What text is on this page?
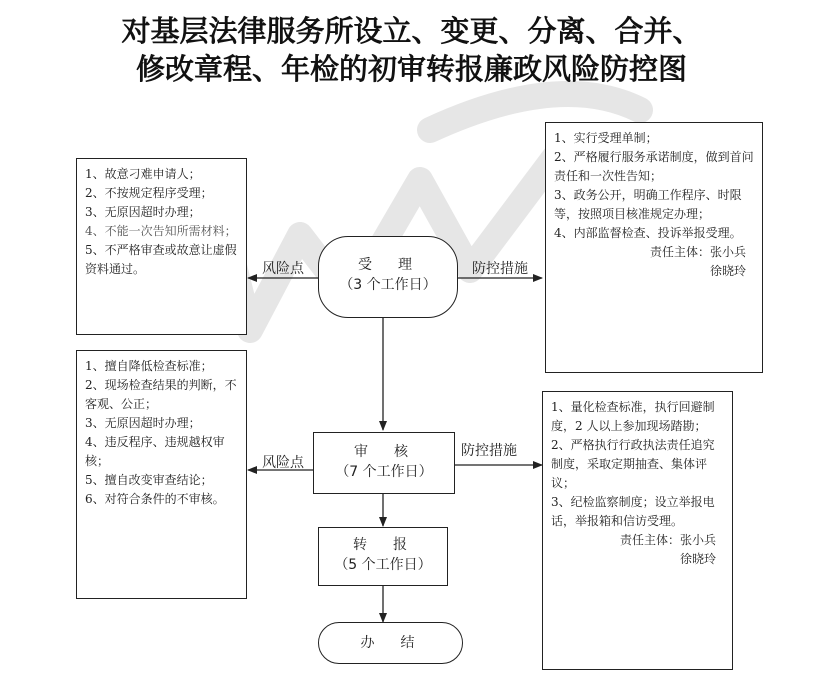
对基层法律服务所设立、变更、分离、合并、
修改章程、年检的初审转报廉政风险防控图
受　理
（3 个工作日）
审　核
（7 个工作日）
转　报
（5 个工作日）
办　结
风险点	防控措施
风险点
防控措施
1、故意刁难申请人；
2、不按规定程序受理；
3、无原因超时办理；
4、不能一次告知所需材料；
5、不严格审查或故意让虚假资料通过。
1、实行受理单制；
2、严格履行服务承诺制度，做到首问责任和一次性告知；
3、政务公开，明确工作程序、时限等，按照项目核准规定办理；
4、内部监督检查、投诉举报受理。
责任主体：张小兵
徐晓玲
1、擅自降低检查标准；
2、现场检查结果的判断，不客观、公正；
3、无原因超时办理；
4、违反程序、违规越权审核；
5、擅自改变审查结论；
6、对符合条件的不审核。
1、量化检查标准，执行回避制度，2 人以上参加现场踏勘；
2、严格执行行政执法责任追究制度，采取定期抽查、集体评议；
3、纪检监察制度；设立举报电话，举报箱和信访受理。
责任主体：张小兵
徐晓玲
